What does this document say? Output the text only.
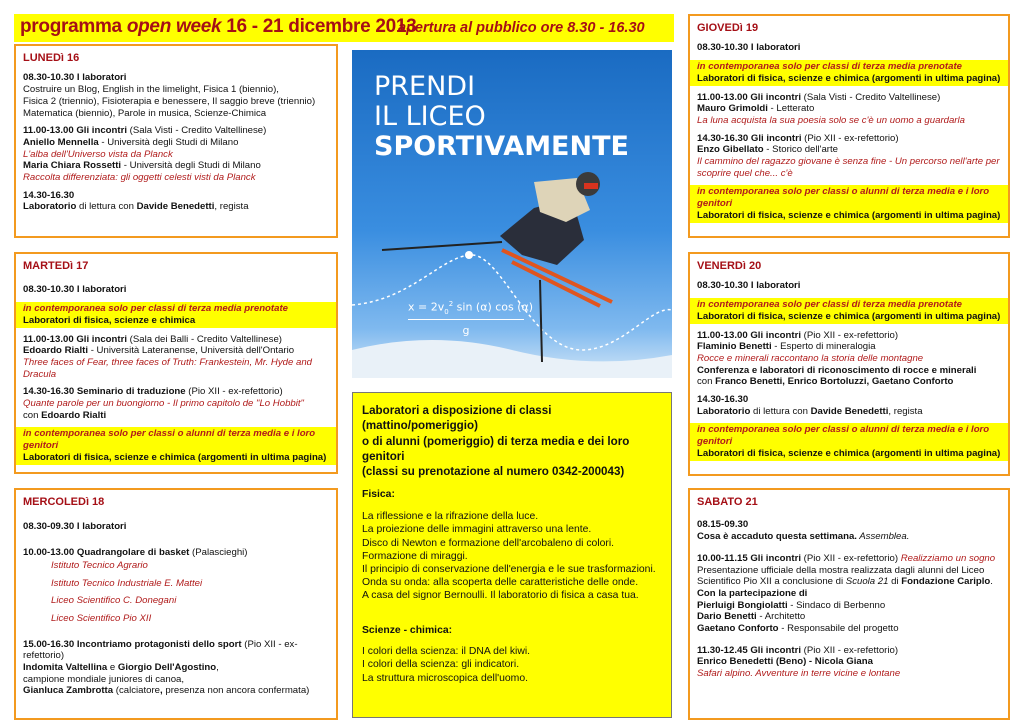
programma open week 16 - 21 dicembre 2013
apertura al pubblico ore 8.30 - 16.30
LUNEDì 16
08.30-10.30 I laboratori
Costruire un Blog, English in the limelight, Fisica 1 (biennio),
Fisica 2 (triennio), Fisioterapia e benessere, Il saggio breve (triennio)
Matematica (biennio), Parole in musica, Scienze-Chimica
11.00-13.00 Gli incontri (Sala Visti - Credito Valtellinese)
Aniello Mennella - Università degli Studi di Milano
L'alba dell'Universo vista da Planck
Maria Chiara Rossetti - Università degli Studi di Milano
Raccolta differenziata: gli oggetti celesti visti da Planck
14.30-16.30
Laboratorio di lettura con Davide Benedetti, regista
MARTEDì 17
08.30-10.30 I laboratori
in contemporanea solo per classi di terza media prenotate
Laboratori di fisica, scienze e chimica
11.00-13.00 Gli incontri (Sala dei Balli - Credito Valtellinese)
Edoardo Rialti - Università Lateranense, Università dell'Ontario
Three faces of Fear, three faces of Truth: Frankestein, Mr. Hyde and Dracula
14.30-16.30 Seminario di traduzione (Pio XII - ex-refettorio)
Quante parole per un buongiorno - Il primo capitolo de "Lo Hobbit"
con Edoardo Rialti
in contemporanea solo per classi o alunni di terza media e i loro genitori
Laboratori di fisica, scienze e chimica (argomenti in ultima pagina)
MERCOLEDì 18
08.30-09.30 I laboratori
10.00-13.00 Quadrangolare di basket (Palascieghi)
Istituto Tecnico Agrario
Istituto Tecnico Industriale E. Mattei
Liceo Scientifico C. Donegani
Liceo Scientifico Pio XII
15.00-16.30 Incontriamo protagonisti dello sport (Pio XII - ex-refettorio)
Indomita Valtellina e Giorgio Dell'Agostino,
campione mondiale juniores di canoa,
Gianluca Zambrotta (calciatore, presenza non ancora confermata)
PRENDI
IL LICEO
SPORTIVAMENTE
$x = 2v_0^2$ sin (α) cos (α)
g
Laboratori a disposizione di classi
(mattino/pomeriggio)
o di alunni (pomeriggio) di terza media e dei loro genitori
(classi su prenotazione al numero 0342-200043)
Fisica:

La riflessione e la rifrazione della luce.

La proiezione delle immagini attraverso una lente.

Disco di Newton e formazione dell'arcobaleno di colori.

Formazione di miraggi.

Il principio di conservazione dell'energia e le sue trasformazioni.

Onda su onda: alla scoperta delle caratteristiche delle onde.

A casa del signor Bernoulli. Il laboratorio di fisica a casa tua.

Scienze - chimica:

I colori della scienza: il DNA del kiwi.

I colori della scienza: gli indicatori.

La struttura microscopica dell'uomo.

GIOVEDì 19
08.30-10.30 I laboratori
in contemporanea solo per classi di terza media prenotate
Laboratori di fisica, scienze e chimica (argomenti in ultima pagina)
11.00-13.00 Gli incontri (Sala Visti - Credito Valtellinese)
Mauro Grimoldi - Letterato
La luna acquista la sua poesia solo se c'è un uomo a guardarla
14.30-16.30 Gli incontri (Pio XII - ex-refettorio)
Enzo Gibellato - Storico dell'arte
Il cammino del ragazzo giovane è senza fine - Un percorso nell'arte per scoprire quel che... c'è
in contemporanea solo per classi o alunni di terza media e i loro genitori
Laboratori di fisica, scienze e chimica (argomenti in ultima pagina)
VENERDì 20
08.30-10.30 I laboratori
in contemporanea solo per classi di terza media prenotate
Laboratori di fisica, scienze e chimica (argomenti in ultima pagina)
11.00-13.00 Gli incontri (Pio XII - ex-refettorio)
Flaminio Benetti - Esperto di mineralogia
Rocce e minerali raccontano la storia delle montagne
Conferenza e laboratori di riconoscimento di rocce e minerali
con Franco Benetti, Enrico Bortoluzzi, Gaetano Conforto
14.30-16.30
Laboratorio di lettura con Davide Benedetti, regista
in contemporanea solo per classi o alunni di terza media e i loro genitori
Laboratori di fisica, scienze e chimica (argomenti in ultima pagina)
SABATO 21
08.15-09.30
Cosa è accaduto questa settimana. Assemblea.
10.00-11.15 Gli incontri (Pio XII - ex-refettorio) Realizziamo un sogno
Presentazione ufficiale della mostra realizzata dagli alunni del Liceo
Scientifico Pio XII a conclusione di Scuola 21 di Fondazione Cariplo.
Con la partecipazione di
Pierluigi Bongiolatti - Sindaco di Berbenno
Dario Benetti - Architetto
Gaetano Conforto - Responsabile del progetto
11.30-12.45 Gli incontri (Pio XII - ex-refettorio)
Enrico Benedetti (Beno) - Nicola Giana
Safari alpino. Avventure in terre vicine e lontane
